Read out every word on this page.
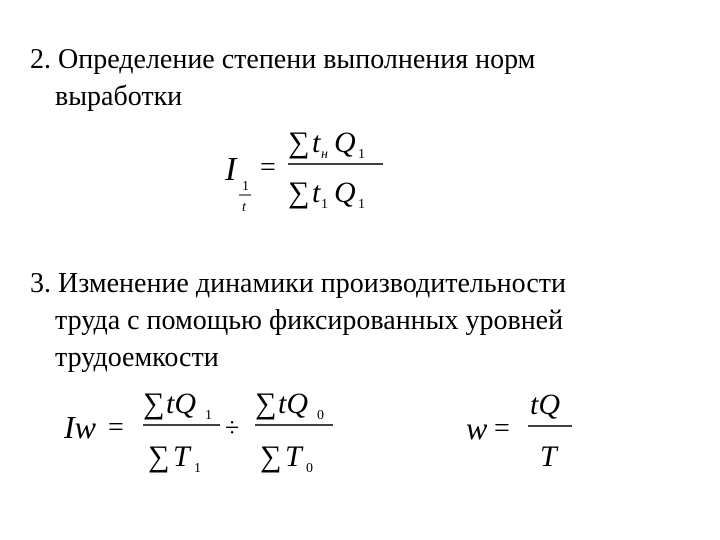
2. Определение степени выполнения норм
выработки
I 1
t
=
∑ t н Q 1
∑ t 1 Q 1
3. Изменение динамики производительности
труда с помощью фиксированных уровней
трудоемкости
Iw =
∑ tQ 1
∑ T 1
÷
∑ tQ 0
∑ T 0
w =
tQ
T
